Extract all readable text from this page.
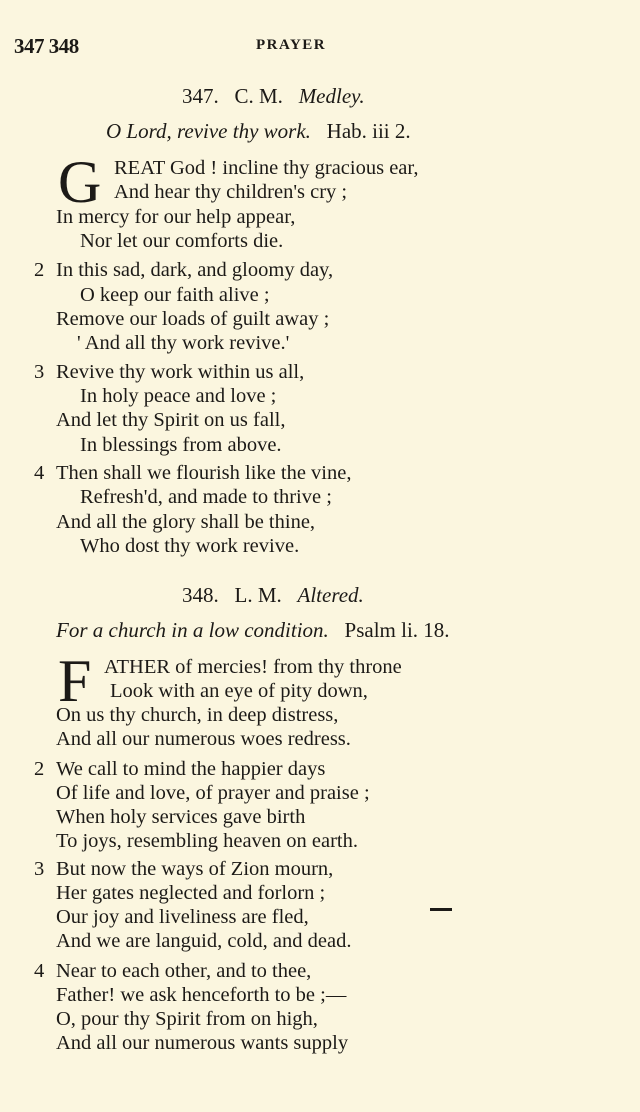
347 348	PRAYER
347. C. M. Medley.
O Lord, revive thy work. Hab. iii 2.
G REAT God ! incline thy gracious ear,
And hear thy children's cry ;
In mercy for our help appear,
Nor let our comforts die.
2 In this sad, dark, and gloomy day,
O keep our faith alive ;
Remove our loads of guilt away ;
' And all thy work revive.'
3 Revive thy work within us all,
In holy peace and love ;
And let thy Spirit on us fall,
In blessings from above.
4 Then shall we flourish like the vine,
Refresh'd, and made to thrive ;
And all the glory shall be thine,
Who dost thy work revive.
348. L. M. Altered.
For a church in a low condition. Psalm li. 18.
F ATHER of mercies! from thy throne
Look with an eye of pity down,
On us thy church, in deep distress,
And all our numerous woes redress.
2 We call to mind the happier days
Of life and love, of prayer and praise ;
When holy services gave birth
To joys, resembling heaven on earth.
3 But now the ways of Zion mourn,
Her gates neglected and forlorn ;
Our joy and liveliness are fled,
And we are languid, cold, and dead.
4 Near to each other, and to thee,
Father! we ask henceforth to be ;—
O, pour thy Spirit from on high,
And all our numerous wants supply
